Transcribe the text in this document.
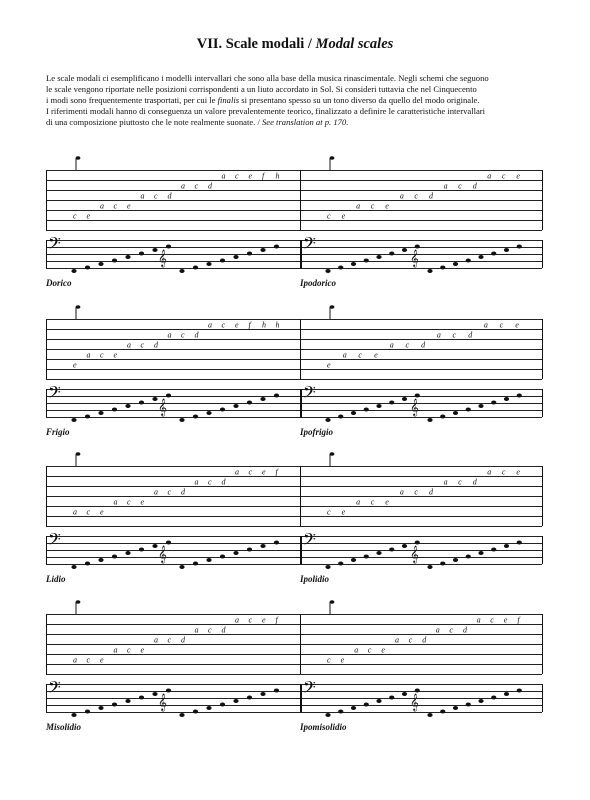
VII. Scale modali / Modal scales

Le scale modali ci esemplificano i modelli intervallari che sono alla base della musica rinascimentale. Negli schemi che seguono

le scale vengono riportate nelle posizioni corrispondenti a un liuto accordato in Sol. Si consideri tuttavia che nel Cinquecento

i modi sono frequentemente trasportati, per cui le finalis si presentano spesso su un tono diverso da quello del modo originale.

I riferimenti modali hanno di conseguenza un valore prevalentemente teorico, finalizzato a definire le caratteristiche intervallari

di una composizione piuttosto che le note realmente suonate. / See translation at p. 170.

𝄢	𝄢
𝄞	𝄞
c e
a c e
a c d
a c d
a c e f h
c e
a c e
a c d
a c d
a c e
Dorico	Ipodorico
𝄢	𝄢
𝄞	𝄞
e
a c e
a c d
a c d
a c e f h h
e
a c e
a c d
a c d
a c e
Frigio	Ipofrigio
𝄢	𝄢
𝄞	𝄞
a c e
a c e
a c d
a c d
a c e f
c e
a c e
a c d
a c d
a c e
Lidio	Ipolidio
𝄢	𝄢
𝄞	𝄞
a c e
a c e
a c d
a c d
a c e f
c e
a c e
a c d
a c d
a c e f
Misolidio	Ipomisolidio
